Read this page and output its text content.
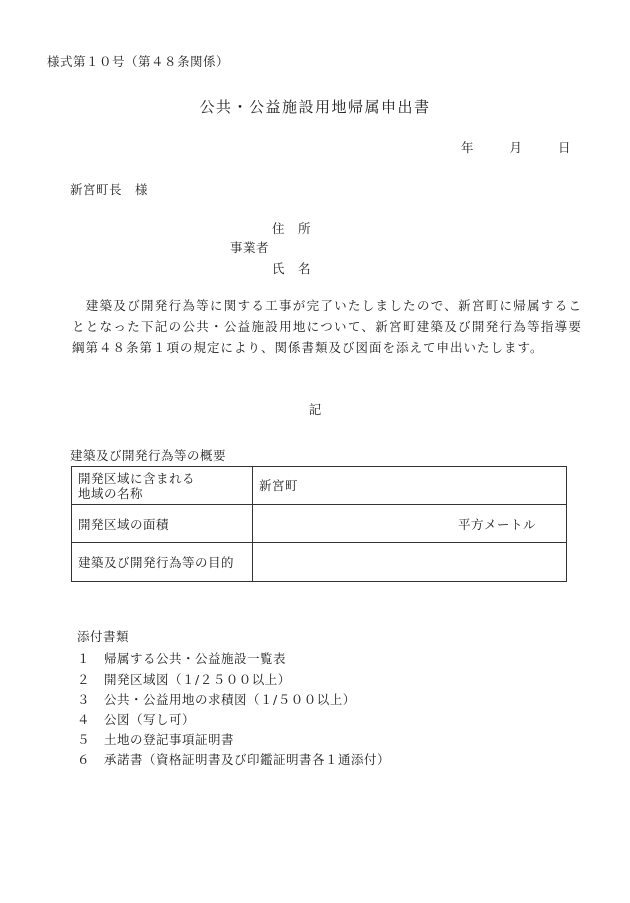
様式第１０号（第４８条関係）
公共・公益施設用地帰属申出書
年	月	日
新宮町長　様
住　所
事業者
氏　名
　建築及び開発行為等に関する工事が完了いたしましたので、新宮町に帰属することとなった下記の公共・公益施設用地について、新宮町建築及び開発行為等指導要綱第４８条第１項の規定により、関係書類及び図面を添えて申出いたします。
記
建築及び開発行為等の概要
開発区域に含まれる
地域の名称	新宮町
開発区域の面積	平方メートル
建築及び開発行為等の目的	
添付書類
１ 帰属する公共・公益施設一覧表
２ 開発区域図（１/２５００以上）
３ 公共・公益用地の求積図（１/５００以上）
４ 公図（写し可）
５ 土地の登記事項証明書
６ 承諾書（資格証明書及び印鑑証明書各１通添付）
